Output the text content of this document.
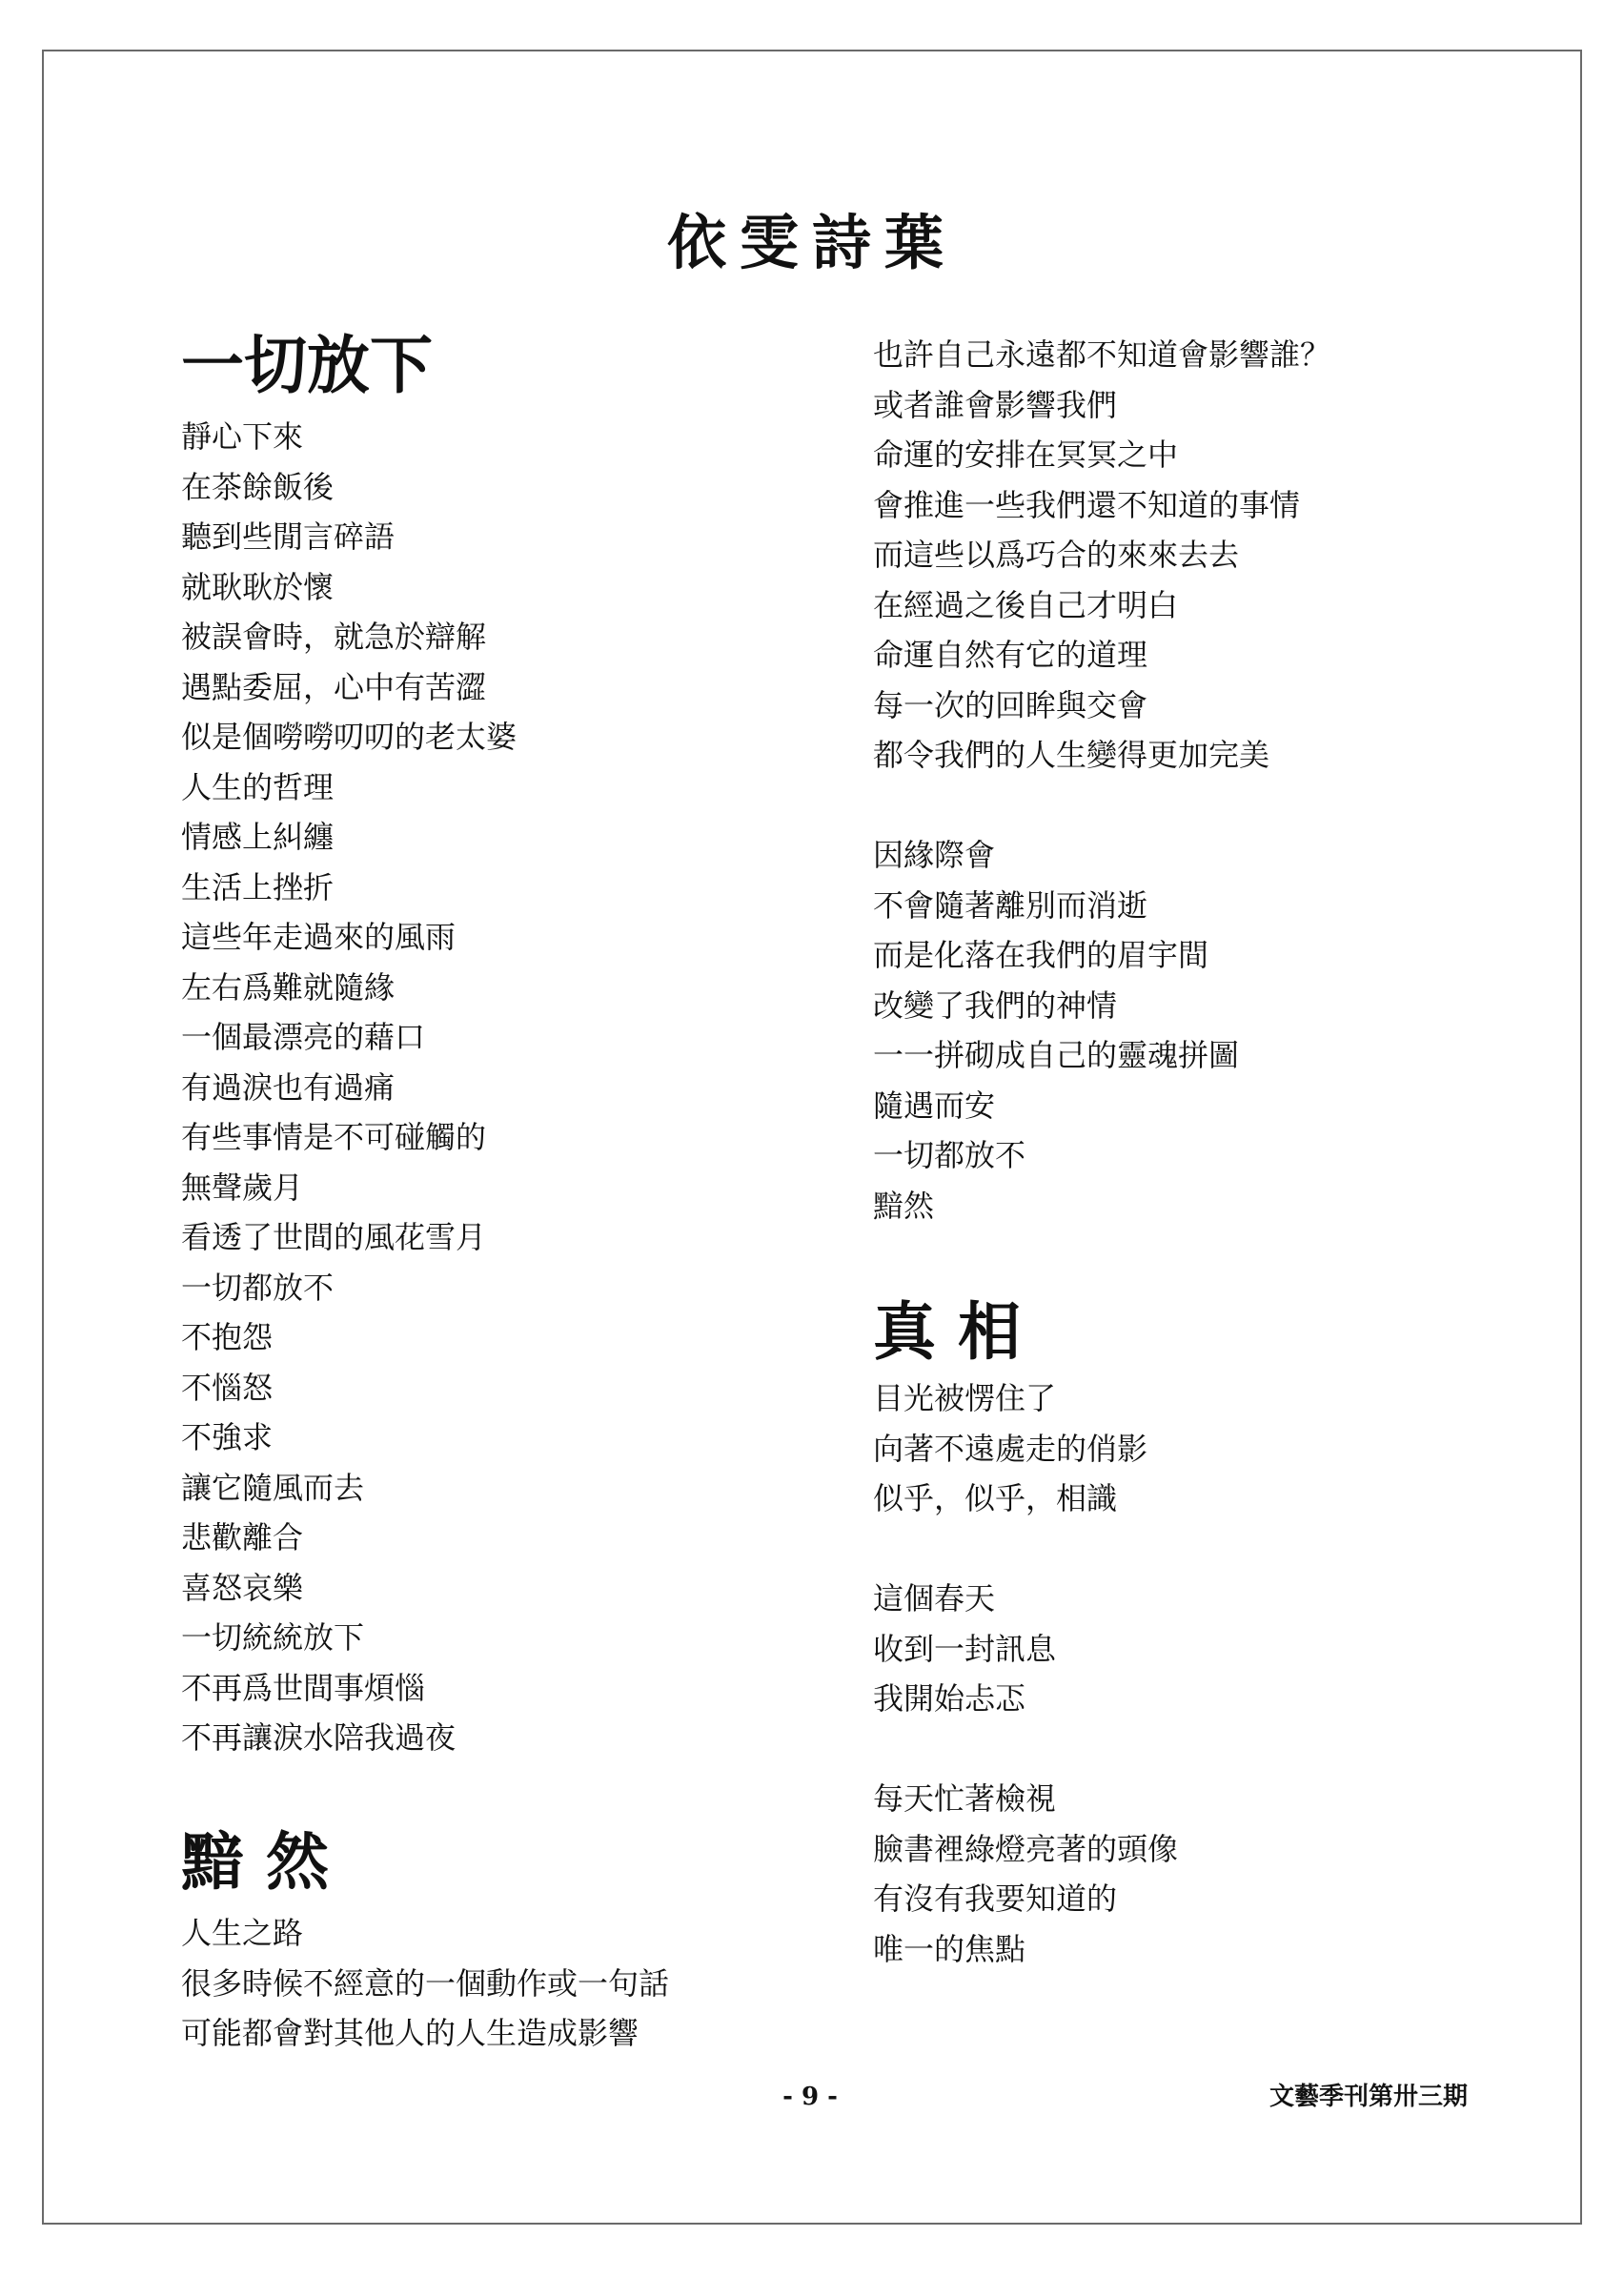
依雯詩葉
一切放下
靜心下來
在茶餘飯後
聽到些閒言碎語
就耿耿於懷
被誤會時，就急於辯解
遇點委屈，心中有苦澀
似是個嘮嘮叨叨的老太婆
人生的哲理
情感上糾纏
生活上挫折
這些年走過來的風雨
左右爲難就隨緣
一個最漂亮的藉口
有過淚也有過痛
有些事情是不可碰觸的
無聲歲月
看透了世間的風花雪月
一切都放不
不抱怨
不惱怒
不強求
讓它隨風而去
悲歡離合
喜怒哀樂
一切統統放下
不再爲世間事煩惱
不再讓淚水陪我過夜
黯 然
人生之路
很多時候不經意的一個動作或一句話
可能都會對其他人的人生造成影響
也許自己永遠都不知道會影響誰？
或者誰會影響我們
命運的安排在冥冥之中
會推進一些我們還不知道的事情
而這些以爲巧合的來來去去
在經過之後自己才明白
命運自然有它的道理
每一次的回眸與交會
都令我們的人生變得更加完美
因緣際會
不會隨著離別而消逝
而是化落在我們的眉宇間
改變了我們的神情
一一拼砌成自己的靈魂拼圖
隨遇而安
一切都放不
黯然
真 相
目光被愣住了
向著不遠處走的俏影
似乎，似乎，相識
這個春天
收到一封訊息
我開始忐忑
每天忙著檢視
臉書裡綠燈亮著的頭像
有沒有我要知道的
唯一的焦點
- 9 -	文藝季刊第卅三期
